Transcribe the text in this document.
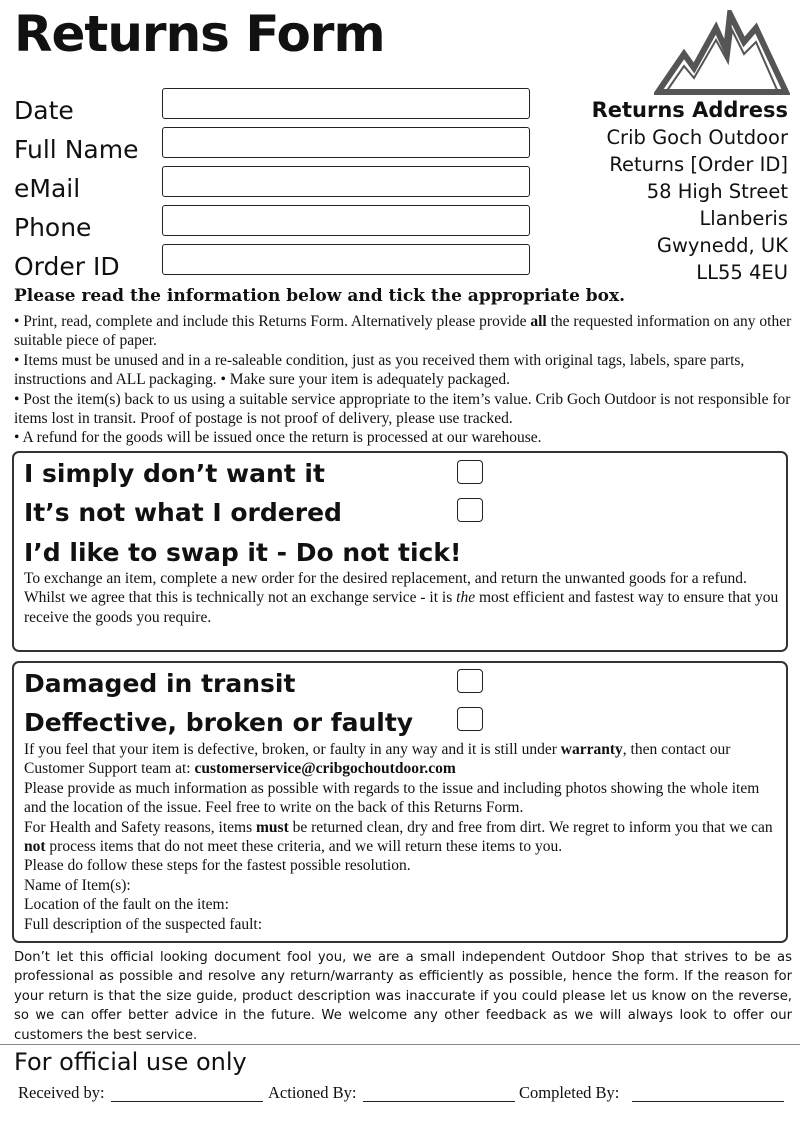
Returns Form
Date
Full Name
eMail
Phone
Order ID
Returns Address
Crib Goch Outdoor
Returns [Order ID]
58 High Street
Llanberis
Gwynedd, UK
LL55 4EU
Please read the information below and tick the appropriate box.

• Print, read, complete and include this Returns Form. Alternatively please provide all the requested information on any other suitable piece of paper.

• Items must be unused and in a re-saleable condition, just as you received them with original tags, labels, spare parts, instructions and ALL packaging. • Make sure your item is adequately packaged.

• Post the item(s) back to us using a suitable service appropriate to the item’s value. Crib Goch Outdoor is not responsible for items lost in transit. Proof of postage is not proof of delivery, please use tracked.

• A refund for the goods will be issued once the return is processed at our warehouse.

I simply don’t want it
It’s not what I ordered
I’d like to swap it - Do not tick!

To exchange an item, complete a new order for the desired replacement, and return the unwanted goods for a refund.

Whilst we agree that this is technically not an exchange service - it is the most efficient and fastest way to ensure that you receive the goods you require.

Damaged in transit
Deffective, broken or faulty

If you feel that your item is defective, broken, or faulty in any way and it is still under warranty, then contact our Customer Support team at: customerservice@cribgochoutdoor.com

Please provide as much information as possible with regards to the issue and including photos showing the whole item and the location of the issue. Feel free to write on the back of this Returns Form.

For Health and Safety reasons, items must be returned clean, dry and free from dirt. We regret to inform you that we can not process items that do not meet these criteria, and we will return these items to you.

Please do follow these steps for the fastest possible resolution.

Name of Item(s):

Location of the fault on the item:

Full description of the suspected fault:

Don’t let this official looking document fool you, we are a small independent Outdoor Shop that strives to be as professional as possible and resolve any return/warranty as efficiently as possible, hence the form. If the reason for your return is that the size guide, product description was inaccurate if you could please let us know on the reverse, so we can offer better advice in the future. We welcome any other feedback as we will always look to offer our customers the best service.

For official use only
Received by:	Actioned By:	Completed By:
